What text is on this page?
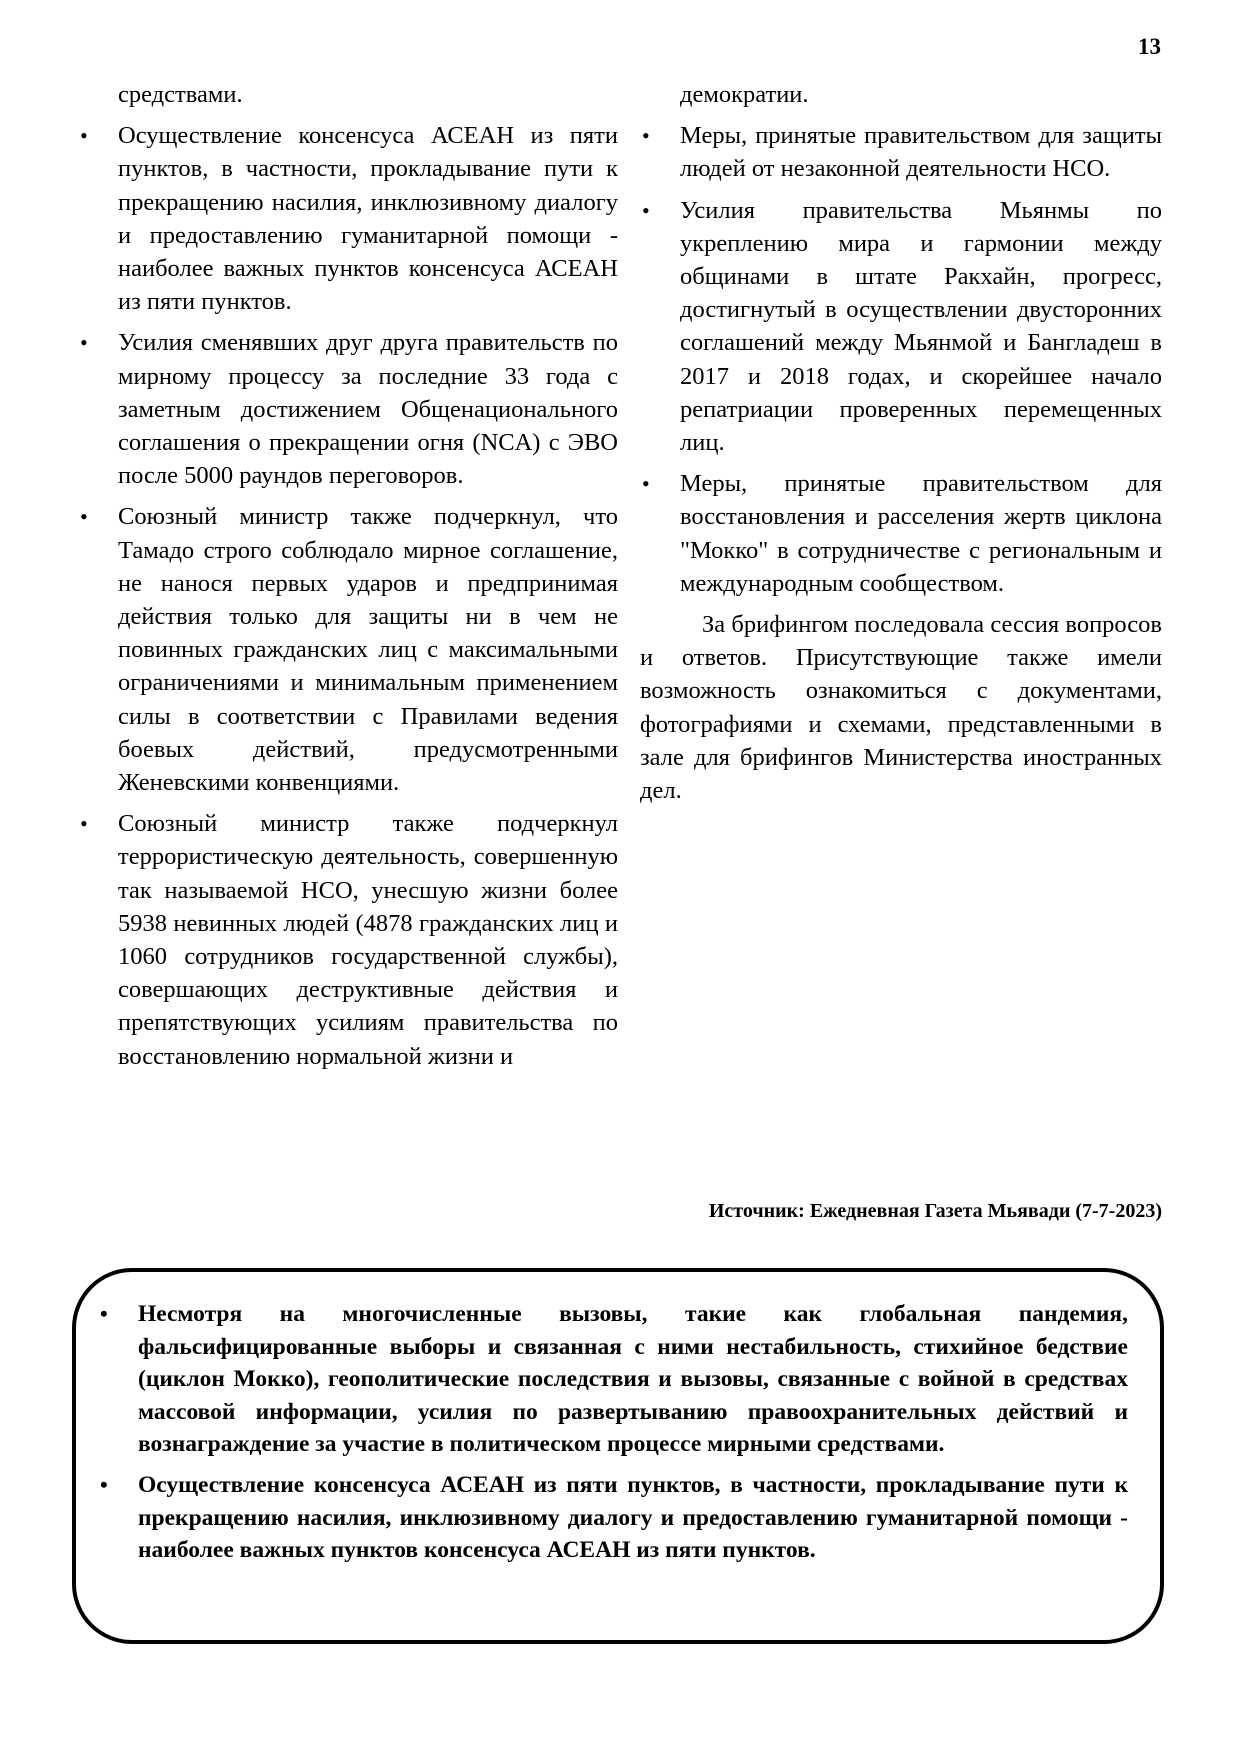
13

средствами.

• Осуществление консенсуса АСЕАН из пяти пунктов, в частности, прокладывание пути к прекращению насилия, инклюзивному диалогу и предоставлению гуманитарной помощи - наиболее важных пунктов консенсуса АСЕАН из пяти пунктов.
• Усилия сменявших друг друга правительств по мирному процессу за последние 33 года с заметным достижением Общенационального соглашения о прекращении огня (NCA) с ЭВО после 5000 раундов переговоров.
• Союзный министр также подчеркнул, что Тамадо строго соблюдало мирное соглашение, не нанося первых ударов и предпринимая действия только для защиты ни в чем не повинных гражданских лиц с максимальными ограничениями и минимальным применением силы в соответствии с Правилами ведения боевых действий, предусмотренными Женевскими конвенциями.
• Союзный министр также подчеркнул террористическую деятельность, совершенную так называемой НСО, унесшую жизни более 5938 невинных людей (4878 гражданских лиц и 1060 сотрудников государственной службы), совершающих деструктивные действия и препятствующих усилиям правительства по восстановлению нормальной жизни и

демократии.

• Меры, принятые правительством для защиты людей от незаконной деятельности НСО.
• Усилия правительства Мьянмы по укреплению мира и гармонии между общинами в штате Ракхайн, прогресс, достигнутый в осуществлении двусторонних соглашений между Мьянмой и Бангладеш в 2017 и 2018 годах, и скорейшее начало репатриации проверенных перемещенных лиц.
• Меры, принятые правительством для восстановления и расселения жертв циклона "Мокко" в сотрудничестве с региональным и международным сообществом.

За брифингом последовала сессия вопросов и ответов. Присутствующие также имели возможность ознакомиться с документами, фотографиями и схемами, представленными в зале для брифингов Министерства иностранных дел.

Источник: Ежедневная Газета Мьявади (7-7-2023)
• Несмотря на многочисленные вызовы, такие как глобальная пандемия, фальсифицированные выборы и связанная с ними нестабильность, стихийное бедствие (циклон Мокко), геополитические последствия и вызовы, связанные с войной в средствах массовой информации, усилия по развертыванию правоохранительных действий и вознаграждение за участие в политическом процессе мирными средствами.
• Осуществление консенсуса АСЕАН из пяти пунктов, в частности, прокладывание пути к прекращению насилия, инклюзивному диалогу и предоставлению гуманитарной помощи - наиболее важных пунктов консенсуса АСЕАН из пяти пунктов.
